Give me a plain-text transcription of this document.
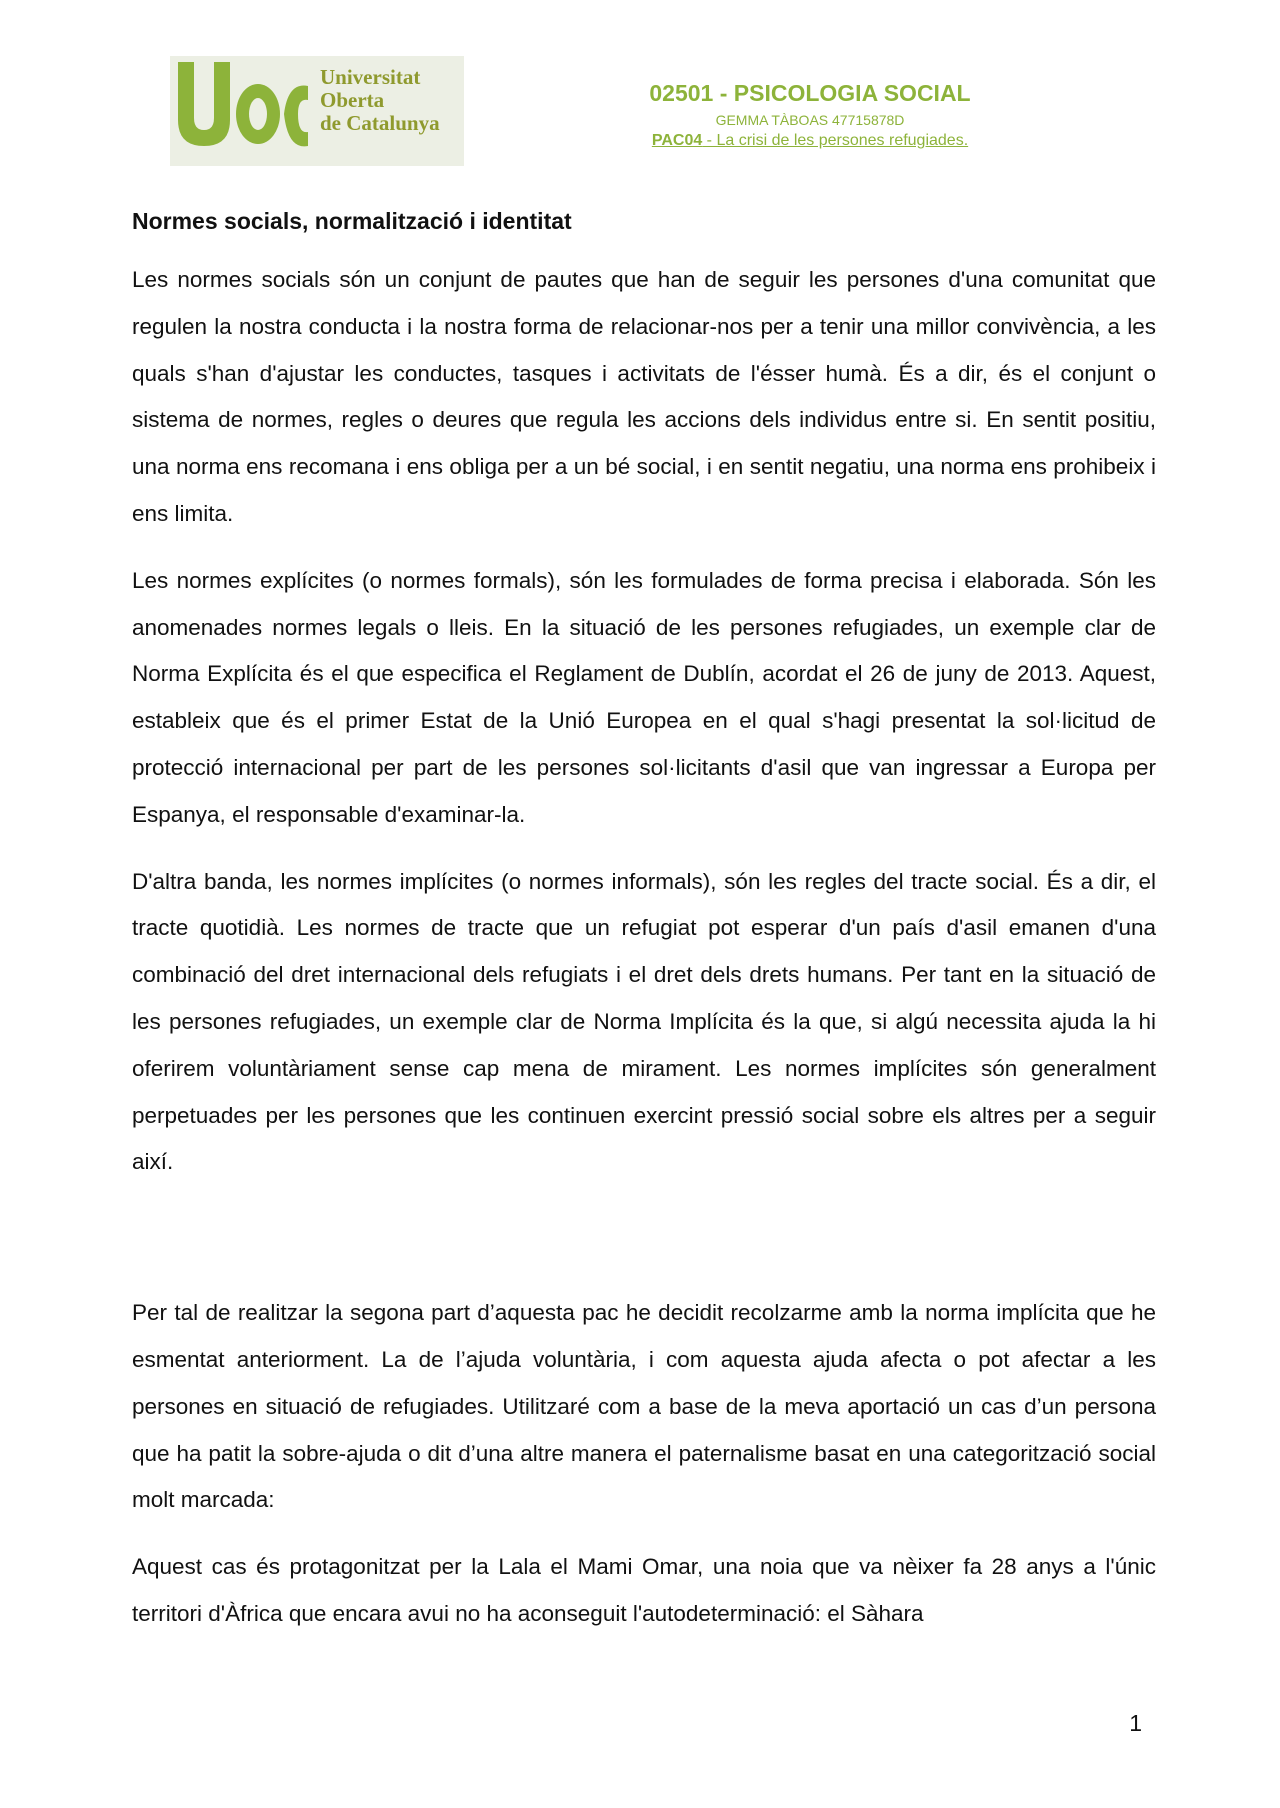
Universitat
Oberta
de Catalunya
02501 - PSICOLOGIA SOCIAL
GEMMA TÀBOAS 47715878D
PAC04 - La crisi de les persones refugiades.
Normes socials, normalització i identitat

Les normes socials són un conjunt de pautes que han de seguir les persones d'una comunitat que regulen la nostra conducta i la nostra forma de relacionar-nos per a tenir una millor convivència, a les quals s'han d'ajustar les conductes, tasques i activitats de l'ésser humà. És a dir, és el conjunt o sistema de normes, regles o deures que regula les accions dels individus entre si. En sentit positiu, una norma ens recomana i ens obliga per a un bé social, i en sentit negatiu, una norma ens prohibeix i ens limita.

Les normes explícites (o normes formals), són les formulades de forma precisa i elaborada. Són les anomenades normes legals o lleis. En la situació de les persones refugiades, un exemple clar de Norma Explícita és el que especifica el Reglament de Dublín, acordat el 26 de juny de 2013. Aquest, estableix que és el primer Estat de la Unió Europea en el qual s'hagi presentat la sol·licitud de protecció internacional per part de les persones sol·licitants d'asil que van ingressar a Europa per Espanya, el responsable d'examinar-la.

D'altra banda, les normes implícites (o normes informals), són les regles del tracte social. És a dir, el tracte quotidià. Les normes de tracte que un refugiat pot esperar d'un país d'asil emanen d'una combinació del dret internacional dels refugiats i el dret dels drets humans. Per tant en la situació de les persones refugiades, un exemple clar de Norma Implícita és la que, si algú necessita ajuda la hi oferirem voluntàriament sense cap mena de mirament. Les normes implícites són generalment perpetuades per les persones que les continuen exercint pressió social sobre els altres per a seguir així.

Per tal de realitzar la segona part d’aquesta pac he decidit recolzarme amb la norma implícita que he esmentat anteriorment. La de l’ajuda voluntària, i com aquesta ajuda afecta o pot afectar a les persones en situació de refugiades. Utilitzaré com a base de la meva aportació un cas d’un persona que ha patit la sobre-ajuda o dit d’una altre manera el paternalisme basat en una categorització social molt marcada:

Aquest cas és protagonitzat per la Lala el Mami Omar, una noia que va nèixer fa 28 anys a l'únic territori d'Àfrica que encara avui no ha aconseguit l'autodeterminació: el Sàhara

1
